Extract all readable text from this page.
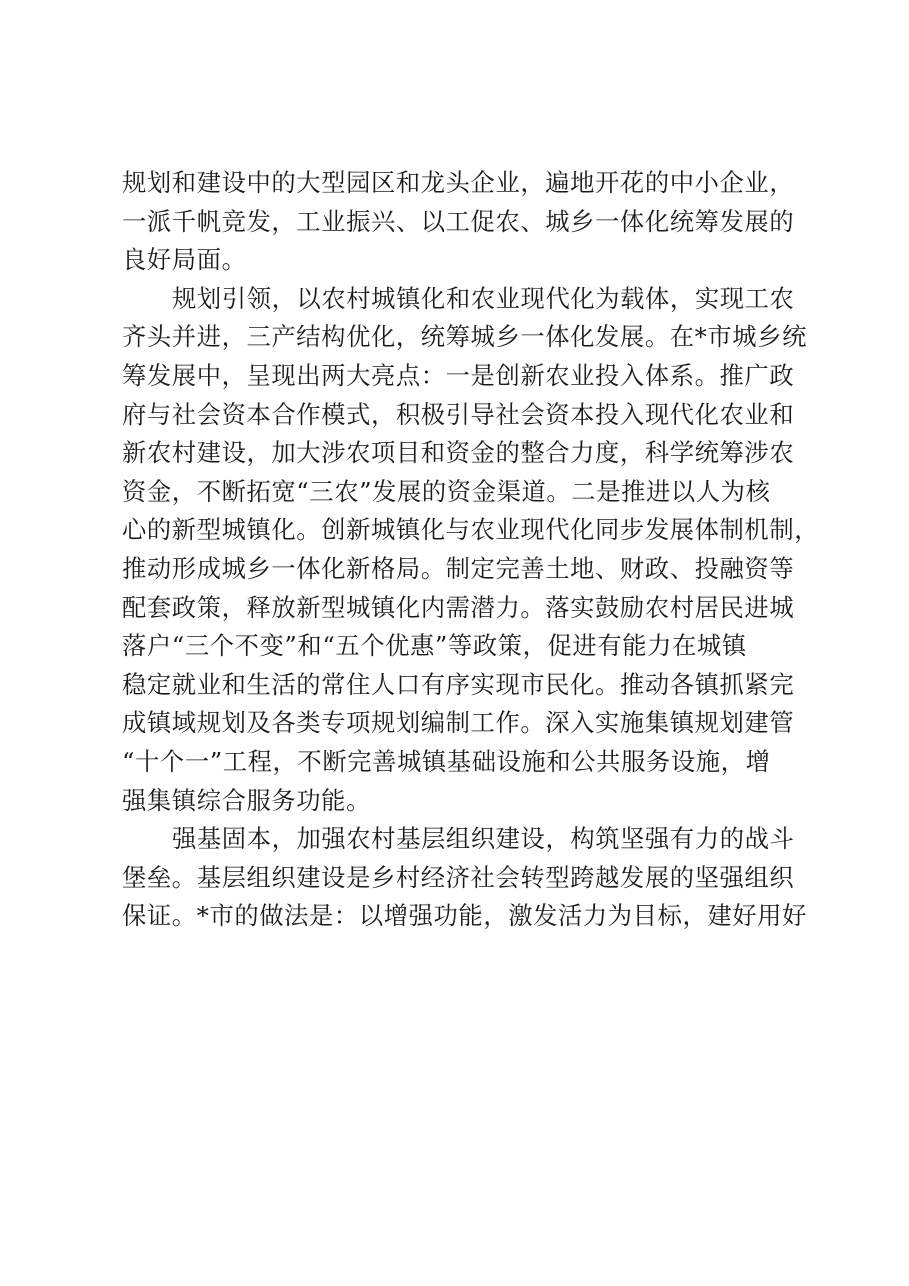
规划和建设中的大型园区和龙头企业，遍地开花的中小企业，
一派千帆竞发，工业振兴、以工促农、城乡一体化统筹发展的
良好局面。
规划引领，以农村城镇化和农业现代化为载体，实现工农
齐头并进，三产结构优化，统筹城乡一体化发展。在*市城乡统
筹发展中，呈现出两大亮点：一是创新农业投入体系。推广政
府与社会资本合作模式，积极引导社会资本投入现代化农业和
新农村建设，加大涉农项目和资金的整合力度，科学统筹涉农
资金，不断拓宽“三农”发展的资金渠道。二是推进以人为核
心的新型城镇化。创新城镇化与农业现代化同步发展体制机制，
推动形成城乡一体化新格局。制定完善土地、财政、投融资等
配套政策，释放新型城镇化内需潜力。落实鼓励农村居民进城
落户“三个不变”和“五个优惠”等政策，促进有能力在城镇
稳定就业和生活的常住人口有序实现市民化。推动各镇抓紧完
成镇域规划及各类专项规划编制工作。深入实施集镇规划建管
“十个一”工程，不断完善城镇基础设施和公共服务设施，增
强集镇综合服务功能。
强基固本，加强农村基层组织建设，构筑坚强有力的战斗
堡垒。基层组织建设是乡村经济社会转型跨越发展的坚强组织
保证。*市的做法是：以增强功能，激发活力为目标，建好用好
